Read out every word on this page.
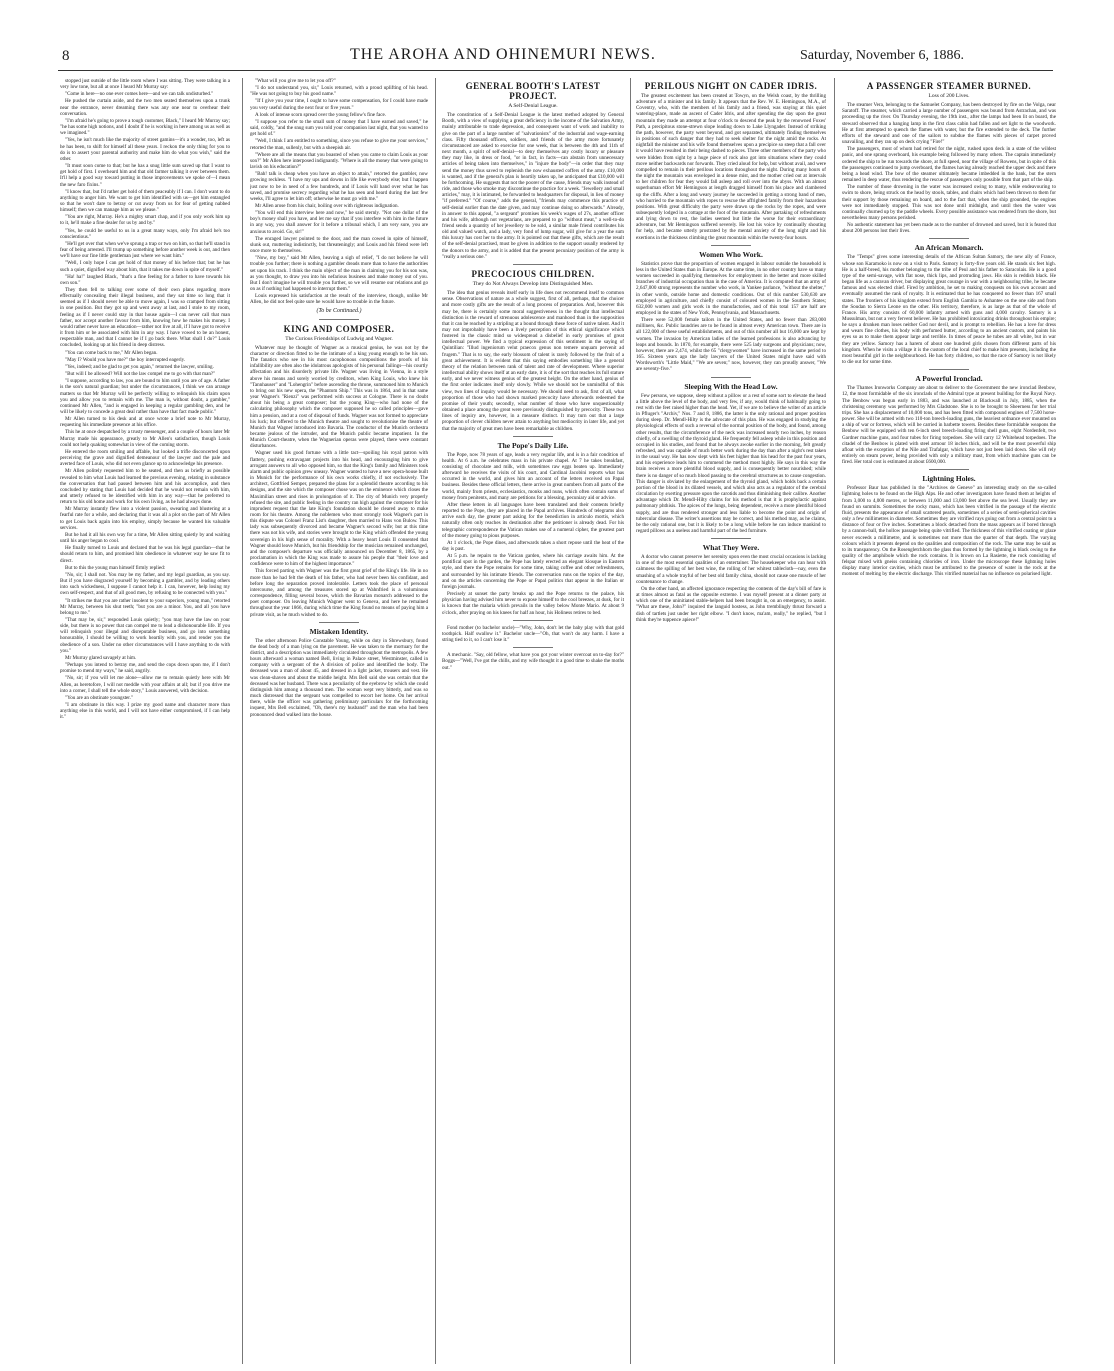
8	THE AROHA AND OHINEMURI NEWS.	Saturday, November 6, 1886.

stopped just outside of the little room where I was sitting. They were talking in a very low tone, but all at once I heard Mr Murray say:

"Come in here—no one ever comes here—and we can talk undisturbed."

He pushed the curtain aside, and the two men seated themselves upon a trunk near the entrance, never dreaming there was any one near to overhear their conversation.

"I'm afraid he's going to prove a tough customer, Black," I heard Mr Murray say; "he has some high notions, and I doubt if he is working in here among us as well as we imagined."

"Yes, he isn't much like the majority of street gamins—it's a wonder, too, left as he has been, to shift for himself all these years. I reckon the only thing for you to do is to assert your parental authority and make him do what you wish," said the other.

"It must soon come to that; but he has a snug little sum saved up that I want to get hold of first. I overheard him and that old farmer talking it over between them. It'll help a good way toward putting in those improvements we spoke of—I mean the new faro fixins."

"I know that, but I'd rather get hold of them peaceably if I can. I don't want to do anything to anger him. We want to get him identified with us—get him entangled so that he won't dare to betray or cut away from us for fear of getting nabbed himself; then we can manage him as we please."

"You are right, Murray. He's a mighty smart chap, and if you only work him up to it, he'll make a fine dealer for us by and by."

"Yes, he could be useful to us in a great many ways, only I'm afraid he's too conscientious."

"He'll get over that when we've sprung a trap or two on him, so that he'll stand in fear of being arrested. I'll trump up something before another week is out, and then we'll have our fine little gentleman just where we want him."

"Well, I only hope I can get hold of that money of his before that; but he has such a quiet, dignified way about him, that it takes me down in spite of myself."

"Ha! ha!" laughed Black, "that's a fine feeling for a father to have towards his own son."

They then fell to talking over some of their own plans regarding more effectually concealing their illegal business, and they sat time so long that it seemed as if I should never be able to move again, I was so cramped from sitting in one position. But they got up and went away at last, and I stole to my room, feeling as if I never could stay in that house again—I can never call that man father, nor accept another favour from him, knowing how he makes his money. I would rather never have an education—rather not live at all, if I have got to receive it from him or be associated with him in any way. I have vowed to be an honest, respectable man, and that I cannot be if I go back there. What shall I do?" Louis concluded, looking up at his friend in deep distress.

"You can come back to me," Mr Allen began.

"May I? Would you have me?" the boy interrupted eagerly.

"Yes, indeed; and be glad to get you again," returned the lawyer, smiling.

"But will I be allowed? Will not the law compel me to go with that man?"

"I suppose, according to law, you are bound to him until you are of age. A father is the son's natural guardian; but under the circumstances, I think we can arrange matters so that Mr Murray will be perfectly willing to relinquish his claim upon you and allow you to remain with me. The man is, without doubt, a gambler," continued Mr Allen, "and is engaged in keeping a regular gambling den, and he will be likely to concede a great deal rather than have that fact made public."

Mr Allen turned to his desk and at once wrote a brief note to Mr Murray, requesting his immediate presence at his office.

This he at once despatched by a trusty messenger, and a couple of hours later Mr Murray made his appearance, greatly to Mr Allen's satisfaction, though Louis could not help quaking somewhat in view of the coming storm.

He entered the room smiling and affable, but looked a trifle disconcerted upon perceiving the grave and dignified demeanour of the lawyer and the pale and averted face of Louis, who did not even glance up to acknowledge his presence.

Mr Allen politely requested him to be seated, and then as briefly as possible revealed to him what Louis had learned the previous evening, relating in substance the conversation that had passed between him and his accomplice, and then concluded by stating that Louis had decided that he would not remain with him, and utterly refused to be identified with him in any way—that he preferred to return to his old home and work for his own living, as he had always done.

Mr Murray instantly flew into a violent passion, swearing and blustering at a fearful rate for a while, and declaring that it was all a plot on the part of Mr Allen to get Louis back again into his employ, simply because he wanted his valuable services.

But he had it all his own way for a time, Mr Allen sitting quietly by and waiting until his anger began to cool.

He finally turned to Louis and declared that he was his legal guardian—that he should return to him, and promised him obedience in whatever way he saw fit to direct.

But to this the young man himself firmly replied:

"No, sir; I shall not. You may be my father, and my legal guardian, as you say. But if you have disgraced yourself by becoming a gambler, and by leading others into such wickedness, I suppose I cannot help it. I can, however, help losing my own self-respect, and that of all good men, by refusing to be connected with you."

"It strikes me that you are rather insolent to your superiors, young man," retorted Mr Murray, between his shut teeth; "but you are a minor. You, and all you have belong to me."

"That may be, sir," responded Louis quietly; "you may have the law on your side, but there is no power that can compel me to lead a dishonourable life. If you will relinquish your illegal and disreputable business, and go into something honourable, I should be willing to work heartily with you, and render you the obedience of a son. Under no other circumstances will I have anything to do with you."

Mr Murray glared savagely at him.

"Perhaps you intend to betray me, and send the cops down upon me, if I don't promise to mend my ways," he said, angrily.

"No, sir; if you will let me alone—allow me to remain quietly here with Mr Allen, as heretofore, I will not meddle with your affairs at all; but if you drive me into a corner, I shall tell the whole story," Louis answered, with decision.

"You are an obstinate youngster."

"I am obstinate in this way. I prize my good name and character more than anything else in this world, and I will not have either compromised, if I can help it."

"What will you give me to let you off?"

"I do not understand you, sir," Louis returned, with a proud uplifting of his head. "He was not going to buy his good name."

"If I give you your time, I ought to have some compensation, for I could have made you very useful during the next four or five years."

A look of intense scorn spread over the young fellow's fine face.

"I suppose you refer to the small sum of money that I have earned and saved," he said, coldly, "and the snug sum you told your companion last night, that you wanted to get hold of."

"Well, I think I am entitled to something, since you refuse to give me your services," retorted the man, sullenly, but with a sheepish air.

"Where are all the means that you boasted of when you came to claim Louis as your son?" Mr Allen here interposed indignantly. "Where is all the money that were going to lavish on his education?"

"Bah! talk is cheap when you have an object to attain," retorted the gambler, now growing reckless. "I have my ups and downs in life like everybody else; but I happen just now to be in need of a few hundreds, and if Louis will hand over what he has saved, and promise secrecy regarding what he has seen and heard during the last few weeks, I'll agree to let him off; otherwise he must go with me."

Mr Allen arose from his chair, boiling over with righteous indignation.

"You will end this interview here and now," he said sternly. "Not one dollar of the boy's money shall you have, and let me say that if you interfere with him in the future in any way, you shall answer for it before a tribunal which, I am very sure, you are anxious to avoid. Go, sir!"

The enraged lawyer pointed to the door, and the man cowed in spite of himself, slunk out, muttering indistinctly, but threateningly; and Louis and his friend were left once more to themselves.

"Now, my boy," said Mr Allen, heaving a sigh of relief, "I do not believe he will trouble you further; there is nothing a gambler dreads more than to have the authorities set upon his track. I think the main object of the man in claiming you for his son was, as you thought, to draw you into his nefarious business and make money out of you. But I don't imagine he will trouble you further, so we will resume our relations and go on as if nothing had happened to interrupt them."

Louis expressed his satisfaction at the result of the interview, though, unlike Mr Allen, he did not feel quite sure he would have no trouble in the future.

(To be Continued.)
KING AND COMPOSER.
The Curious Friendships of Ludwig and Wagner.

Whatever may be thought of Wagner as a musical genius, he was not by the character or direction fitted to be the intimate of a king young enough to be his son. The fanatics who see in his most cacophonous compositions the proofs of his infallibility are often also the idolatrous apologists of his personal failings—his courtly affectation and his disorderly private life. Wagner was living in Vienna, in a style above his means and sorely worried by creditors, when King Louis, who knew his "Tannhauser" and "Lohengrin" before ascending the throne, summoned him to Munich to bring out his new opera, the "Phantom Ship." This was in 1864, and in that same year Wagner's "Rienzi" was performed with success at Cologne. There is no doubt about his being a great composer; but the young King—who had none of the calculating philosophy which the composer supposed he so called principles—gave him a pension, and at a cost of disposal of funds. Wagner was not formed to appreciate his luck; but offered to the Munich theatre and sought to revolutionise the theatre of Munich that Wagner introduced into Bavaria. The conductor of the Munich orchestra became jealous of the intruder, and the Munich public became impatient. In the Munich Court-theatre, when the Wagnerian operas were played, there were constant disturbances.

Wagner used his good fortune with a little tact—spoiling his royal patron with flattery, pushing extravagant projects into his head, and encouraging him to give arrogant answers to all who opposed him, so that the King's family and Ministers took alarm and public opinion grew uneasy. Wagner wanted to have a new opera-house built in Munich for the performance of his own works chiefly, if not exclusively. The architect, Gottfried Semper, prepared the plans for a splendid theatre according to his designs, and the site which the composer chose was on the eminence which closes the Maximilian street and rises in prolongation of it. The city of Munich very properly refused the site, and public feeling in the country ran high against the composer for his imprudent request that the late King's foundation should be cleared away to make room for his theatre. Among the noblemen who most strongly took Wagner's part in this dispute was Colonel Franz List's daughter, then married to Hans von Bulow. This lady was subsequently divorced and became Wagner's second wife; but at this time there was not his wife, and stories were brought to the King which offended the young sovereign in his high sense of morality. With a heavy heart Louis II consented that Wagner should leave Munich, but his friendship for the musician remained unchanged, and the composer's departure was officially announced on December 8, 1865, by a proclamation in which the King was made to assure his people that "their love and confidence were to him of the highest importance."

This forced parting with Wagner was the first great grief of the King's life. He in no more than he had felt the death of his father, who had never been his confidant, and before long the separation proved intolerable. Letters took the place of personal intercourse, and among the treasures stored up at Wahnfried is a voluminous correspondence, filling several boxes, which the Bavarian monarch addressed to the poet composer. On leaving Munich Wagner went to Geneva, and here he remained throughout the year 1866, during which time the King found no means of paying him a private visit, as he much wished to do.

Mistaken Identity.

The other afternoon Police Constable Young, while on duty in Shrewsbury, found the dead body of a man lying on the pavement. He was taken to the mortuary for the district, and a description was immediately circulated throughout the metropolis. A few hours afterward a woman named Bell, living in Palace street, Westminster, called in company with a sergeant of the A division of police and identified the body. The deceased was a man of about 45, and dressed in a light jacket, trousers and vest. He was clean-shaven and about the middle height. Mrs Bell said she was certain that the deceased was her husband. There was a peculiarity of the eyebrow by which she could distinguish him among a thousand men. The woman wept very bitterly, and was so much distressed that the sergeant was compelled to escort her home. On her arrival there, while the officer was gathering preliminary particulars for the forthcoming inquest, Mrs Bell exclaimed, "Oh, there's my husband!" and the man who had been pronounced dead walked into the house.

GENERAL BOOTH'S LATEST PROJECT.
A Self-Denial League.

The constitution of a Self-Denial League is the latest method adopted by General Booth, with a view of supplying a great deficiency in the income of the Salvation Army, mainly attributable to trade depression, and consequent want of work and inability to give on the part of a large number of "salvationists" of the industrial and wage-earning class. Fifty thousand officers, soldiers, and friends of the army more fortunately circumstanced are asked to exercise for one week, that is between the 4th and 11th of next month, a spirit of self-denial—to deny themselves any costly luxury or pleasure they may like, in dress or food, "or in fact, in facts—can abstain from unnecessary articles of being taken into themselves," in "injure the body"—in order that they may send the money thus saved to replenish the now exhausted coffers of the army. £10,000 is wanted, and if the general's plan is heartily taken up, he anticipated that £10,000 will be forthcoming. He suggests that not the poorer of the cause, friends may walk instead of ride, and those who smoke may discontinue the practice for a week. "Jewellery and small articles," may, it is intimated, be forwarded to headquarters for disposal, in lieu of money "if preferred." "Of course," adds the general, "friends may commence this practice of self-denial earlier than the date given, and may continue doing so afterwards." Already, in answer to this appeal, "a sergeant" promises his week's wages of 27s, another officer and his wife, although not vegetarians, are prepared to go "without meat," a well-to-do friend sends a quantity of her jewellery to be sold, a similar male friend contributes his old and valued watch, and a lady, very fond of lump sugar, will give for a year the sum this luxury has cost her to the army. It is pointed out that these gifts, which are the result of the self-denial practised, must be given in addition to the support usually rendered by the donors to the army, and it is added that the present pecuniary position of the army is "really a serious one."

PRECOCIOUS CHILDREN.
They do Not Always Develop into Distinguished Men.

The idea that genius reveals itself early in life does not recommend itself to common sense. Observations of nature as a whole suggest, first of all, perhaps, that the choicer and more costly gifts are the result of a long process of preparation. And, however this may be, there is certainly some moral suggestiveness in the thought that intellectual distinction is the reward of strenuous adolescence and manhood than in the supposition that it can be reached by a stripling at a bound through these force of native talent. And it may not improbably have been a lively perception of this ethical significance which fostered in the classic mind so widespread a disbelief in early promises of great intellectual power. We find a typical expression of this sentiment in the saying of Quintilian: "Illud ingeniorum velut praecox genus non temere unquam pervenit ad frugem." That is to say, the early blossom of talent is rarely followed by the fruit of a great achievement. It is evident that this saying embodies something like a general theory of the relation between rank of talent and rate of development. Where superior intellectual ability shows itself at an early date, it is of the sort that reaches its full stature early, and we never witness genius of the greatest height. On the other hand, genius of the first order indicates itself only slowly. While we should not be unmindful of this view, two lines of inquiry would be necessary. We should need to ask, first of all, what proportion of those who had shown marked precocity have afterwards redeemed the promise of their youth; secondly, what number of those who have unquestionably obtained a place among the great were previously distinguished by precocity. These two lines of inquiry are, however, in a measure distinct. It may turn out that a large proportion of clever children never attain to anything but mediocrity in later life, and yet that the majority of great men have been remarkable as children.

The Pope's Daily Life.

The Pope, now 78 years of age, leads a very regular life, and is in a fair condition of health. At 6 a.m. he celebrates mass in his private chapel. At 7 he takes breakfast, consisting of chocolate and milk, with sometimes raw eggs beaten up. Immediately afterward he receives the visits of his court, and Cardinal Jacobini reports what has occurred in the world, and gives him an account of the letters received on Papal business. Besides these official letters, there arrive in great numbers from all parts of the world, mainly from priests, ecclesiastics, monks and nuns, which often contain sums of money from penitents, and many are petitions for a blessing, pecuniary aid or advice.

After these letters in all languages have been translated and their contents briefly reported to the Pope, they are placed in the Papal archives. Hundreds of telegrams also arrive each day, the greater part asking for the benediction in articulo mortis, which naturally often only reaches its destination after the petitioner is already dead. For his telegraphic correspondence the Vatican makes use of a numeral cipher, the greatest part of the money going to pious purposes.

At 1 o'clock, the Pope dines, and afterwards takes a short repose until the heat of the day is past.

At 5 p.m. he repairs to the Vatican garden, where his carriage awaits him. At the pontifical spot in the garden, the Pope has lately erected an elegant kiosque in Eastern style, and there the Pope remains for some time, taking coffee and other refreshments, and surrounded by his intimate friends. The conversation runs on the topics of the day, and on the articles concerning the Pope or Papal politics that appear in the Italian or foreign journals.

Precisely at sunset the party breaks up and the Pope returns to the palace, his physician having advised him never to expose himself to the cool breezes, at dusk, for it is known that the malaria which prevails in the valley below Monte Mario. At about 9 o'clock, after praying on his knees for half an hour, his Holiness retires to bed.

Fond mother (to bachelor uncle)—"Why, John, don't let the baby play with that gold toothpick. Half swallow it." Bachelor uncle—"Oh, that won't do any harm. I have a string tied to it, so I can't lose it."

A mechanic. "Say, old fellow, what have you got your winter overcoat on to-day for?" Boggs—"Well, I've got the chills, and my wife thought it a good time to shake the moths out."

PERILOUS NIGHT ON CADER IDRIS.

The greatest excitement has been created at Towyn, on the Welsh coast, by the thrilling adventure of a minister and his family. It appears that the Rev. W. E. Hemingson, M.A., of Coventry, who, with the members of his family and a friend, was staying at this quiet watering-place, made an ascent of Cader Idris, and after spending the day upon the great mountain they made an attempt at four o'clock to descend the peak by the renowned Foxes' Path, a precipitous stone-strewn slope leading down to Lake Llyngader. Instead of striking the path, however, the party went beyond, and got separated, ultimately finding themselves in positions of such danger that they had to seek shelter for the night amid the rocks. At nightfall the minister and his wife found themselves upon a precipice so steep that a fall over it would have resulted in their being dashed to pieces. Three other members of the party who were hidden from sight by a huge piece of rock also got into situations where they could move neither backwards nor forwards. They cried aloud for help, but without avail, and were compelled to remain in their perilous locations throughout the night. During many hours of the night the mountain was enveloped in a dense mist, and the mother cried out at intervals to her children for fear they would fall asleep and roll over into the abyss. With an almost superhuman effort Mr Hemingson at length dragged himself from his place and clambered up the cliffs. After a long and weary journey he succeeded in getting a strong band of men, who hurried to the mountain with ropes to rescue the affrighted family from their hazardous positions. With great difficulty the party were drawn up the rocks by the ropes, and were subsequently lodged in a cottage at the foot of the mountain. After partaking of refreshments and lying down to rest, the ladies seemed but little the worse for their extraordinary adventure, but Mr Hemingson suffered severely. He lost his voice by continually shouting for help, and became utterly prostrated by the mental anxiety of the long night and his exertions in the thickness climbing the great mountain within the twenty-four hours.

Women Who Work.

Statistics prove that the proportion of women engaged in labour outside the household is less in the United States than in Europe. At the same time, in no other country have so many women succeeded in qualifying themselves for employment in the better and more skilled branches of industrial occupation than in the case of America. It is computed that an army of 2,647,000 strong represents the number who work, in Yankee parlance, "without the shelter," in other words, outside home and domestic conditions. Out of this number 530,630 are employed in agriculture, and chiefly consist of coloured women in the Southern States; 632,000 women and girls work in the manufactories, and of this total 157 are half are employed in the states of New York, Pennsylvania, and Massachusetts.

There were 52,000 female tailors in the United States, and no fewer than 283,000 milliners, &c. Public laundries are to be found in almost every American town. There are in all 122,000 of these useful establishments, and out of this number all but 16,000 are kept by women. The invasion by American ladies of the learned professions is also advancing by leaps and bounds. In 1870, for example, there were 525 lady surgeons and physicians; now, however, there are 2,474, whilst the 65 "clergywomen" have increased in the same period to 165. Sixteen years ago the lady lawyers of the United States might have said with Wordsworth's "Little Maid," "We are seven;" now, however, they can proudly answer, "We are seventy-five."

Sleeping With the Head Low.

Few persons, we suppose, sleep without a pillow or a rest of some sort to elevate the head a little above the level of the body, and very few, if any, would think of habitually going to rest with the feet raised higher than the head. Yet, if we are to believe the writer of an article in Pfluger's "Archiv," Nos. 7 and 8, 1886, the latter is the only rational and proper position during sleep. Dr. Mendl-Hilty is the advocate of this plan. He was engaged in studying the physiological effects of such a reversal of the normal position of the body, and found, among other results, that the circumference of the neck was increased nearly two inches, by reason chiefly, of a swelling of the thyroid gland. He frequently fell asleep while in this position and occupied in his studies, and found that he always awoke earlier in the morning, felt greatly refreshed, and was capable of much better work during the day than after a night's rest taken in the usual way. He has now slept with his feet higher than his head for the past four years, and his experience leads him to commend the method most highly. He says in this way the brain receives a more plentiful blood supply, and is consequently better nourished; while there is no danger of so much blood passing to the cerebral structures as to cause congestion. This danger is obviated by the enlargement of the thyroid gland, which holds back a certain portion of the blood in its dilated vessels, and which also acts as a regulator of the cerebral circulation by exerting pressure upon the carotids and thus diminishing their calibre. Another advantage which Dr. Mendl-Hilty claims for his method is that it is prophylactic against pulmonary phthisis. The apices of the lungs, being dependent, receive a more plentiful blood supply, and are thus rendered stronger and less liable to become the point and origin of tubercular disease. The writer's assertions may be correct, and his method may, as he claims, be the only rational one, but it is likely to be a long while before he can induce mankind to regard pillows as a useless and harmful part of the bed furniture.

What They Were.

A doctor who cannot preserve her serenity upon even the most crucial occasions is lacking in one of the most essential qualities of an entertainer. The housekeeper who can hear with calmness the spilling of her best wine, the rolling of her whitest tablecloth—nay, even the smashing of a whole trayful of her best old family china, should not cause one muscle of her countenance to change.

On the other hand, an affected ignorance respecting the contents of the day's bill of fare is at times almost as fatal as the opposite extreme. I was myself present at a dinner party at which one of the uninitiated stable-helpers had been brought in, on an emergency, to assist. "What are these, John?" inquired the languid hostess, as John tremblingly thrust forward a dish of tartlets just under her right elbow. "I don't know, ma'am, really," he replied, "but I think they're tuppence apiece!"

A PASSENGER STEAMER BURNED.
Loss of 200 Lives.

The steamer Vera, belonging to the Samuelet Company, has been destroyed by fire on the Volga, near Saratoff. The steamer, which carried a large number of passengers was bound from Astrachan, and was proceeding up the river. On Thursday evening, the 19th inst., after the lamps had been lit on board, the steward observed that a hanging lamp in the first class cabin had fallen and set light to the woodwork. He at first attempted to quench the flames with water, but the fire extended to the deck. The further efforts of the steward and one of the sailors to subdue the flames with pieces of carpet proved unavailing, and they ran up on deck crying "Fire!"

The passengers, most of whom had retired for the night, rushed upon deck in a state of the wildest panic, and one sprang overboard, his example being followed by many others. The captain immediately ordered the ship to be run towards the shore, at full speed, near the village of Rowens, but in spite of this the passengers continued to jump overboard, the flames having already reached the upper deck and there being a head wind. The bow of the steamer ultimately became imbedded in the bank, but the stern remained in deep water, thus rendering the rescue of passengers only possible from that part of the ship.

The number of those drowning in the water was increased owing to many, while endeavouring to swim to shore, being struck on the head by stools, tables, and chairs which had been thrown to them for their support by those remaining on board, and to the fact that, when the ship grounded, the engines were not immediately stopped. This was not done until midnight, and until then the water was continually churned up by the paddle wheels. Every possible assistance was rendered from the shore, but nevertheless many persons perished.

No authentic statement has yet been made as to the number of drowned and saved, but it is feared that about 200 persons lost their lives.

An African Monarch.

The "Temps" gives some interesting details of the African Sultan Samory, the new ally of France, whose son Karamoko is now on a visit to Paris. Samory is forty-five years old. He stands six feet high. He is a half-breed, his mother belonging to the tribe of Peul and his father to Saracolais. He is a good type of the semi-savage, with flat nose, thick lips, and protruding jaws. His skin is reddish black. He began life as a caravan driver, but displaying great courage in war with a neighbouring tribe, he became famous and was elected chief. Fired by ambition, he set to making conquests on his own account and eventually assumed the rank of royalty. It is estimated that he has conquered no fewer than 167 small states. The frontiers of his kingdom extend from English Gambia to Ashantee on the one side and from the Soudan to Sierra Leone on the other. His territory, therefore, is as large as that of the whole of France. His army consists of 60,000 infantry armed with guns and 4,000 cavalry. Samory is a Mussulman, but not a very fervent believer. He has prohibited intoxicating drinks throughout his empire; he says a drunken man loses neither God nor devil, and is prompt to rebellion. He has a love for dress and wears fine clothes, his body with perfumed butter, according to an ancient custom, and paints his eyes so as to make them appear large and terrible. In times of peace he tubes are all white, but in war they are yellow. Samory has a harem of about one hundred girls chosen from different parts of his kingdom. When he visits a village it is the custom of the local chief to make him presents, including the most beautiful girl in the neighbourhood. He has forty children, so that the race of Samory is not likely to die out for some time.

A Powerful Ironclad.

The Thames Ironworks Company are about to deliver to the Government the new ironclad Benbow, 12, the most formidable of the six ironclads of the Admiral type at present building for the Royal Navy. The Benbow was begun early in 1883, and was launched at Blackwall in July, 1885, when the christening ceremony was performed by Mrs Gladstone. She is to be brought to Sheerness for her trial trips. She has a displacement of 10,000 tons, and has been fitted with compound engines of 7,500 horse-power. She will be armed with two 110-ton breech-loading guns, the heaviest ordnance ever mounted on a ship of war or fortress, which will be carried in barbette towers. Besides these formidable weapons the Benbow will be equipped with ten 6-inch steel breech-loading firing shell guns, eight Nordenfelt, two Gardner machine guns, and four tubes for firing torpedoes. She will carry 12 Whitehead torpedoes. The citadel of the Benbow is plated with steel armour 18 inches thick, and will be the most powerful ship afloat with the exception of the Nile and Trafalgar, which have not just been laid down. She will rely entirely on steam power, being provided with only a military mast, from which machine guns can be fired. Her total cost is estimated at about £600,000.

Lightning Holes.

Professor Baur has published in the "Archives de Geneve" an interesting study on the so-called lightning holes to be found on the High Alps. He and other investigators have found them at heights of from 3,000 to 4,000 metres, or between 11,000 and 13,000 feet above the sea level. Usually they are found on summits. Sometimes the rocky mass, which has been vitrified in the passage of the electric fluid, presents the appearance of small scattered pearls, sometimes of a series of semi-spherical cavities only a few millimetres in diameter. Sometimes they are vitrified rays going out from a central point to a distance of four or five inches. Sometimes a block detached from the mass appears as if bored through by a cannon-ball, the hollow passage being quite vitrified. The thickness of this vitrified coating or glaze never exceeds a millimetre, and is sometimes not more than the quarter of that depth. The varying colours which it presents depend on the qualities and composition of the rock. The same may be said as to its transparency. On the Rosengletchhorn the glass thus formed by the lightning is black owing to the quality of the amphibole which the rock contains. It is brown on La Rasiette, the rock consisting of felspar mixed with gneiss containing chlorides of iron. Under the microscope these lightning holes display many interior cavities, which must be attributed to the presence of water in the rock at the moment of melting by the electric discharge. This vitrified material has no influence on polarised light.
